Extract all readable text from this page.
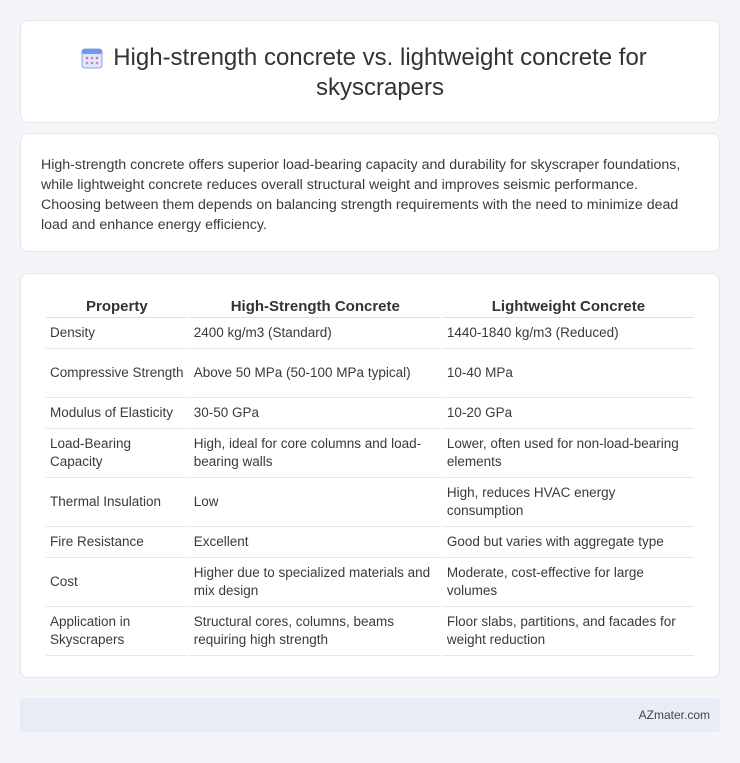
High-strength concrete vs. lightweight concrete for skyscrapers

High-strength concrete offers superior load-bearing capacity and durability for skyscraper foundations, while lightweight concrete reduces overall structural weight and improves seismic performance. Choosing between them depends on balancing strength requirements with the need to minimize dead load and enhance energy efficiency.

Property	High-Strength Concrete	Lightweight Concrete
Density	2400 kg/m3 (Standard)	1440-1840 kg/m3 (Reduced)
Compressive Strength	Above 50 MPa (50-100 MPa typical)	10-40 MPa
Modulus of Elasticity	30-50 GPa	10-20 GPa
Load-Bearing Capacity	High, ideal for core columns and load-bearing walls	Lower, often used for non-load-bearing elements
Thermal Insulation	Low	High, reduces HVAC energy consumption
Fire Resistance	Excellent	Good but varies with aggregate type
Cost	Higher due to specialized materials and mix design	Moderate, cost-effective for large volumes
Application in Skyscrapers	Structural cores, columns, beams requiring high strength	Floor slabs, partitions, and facades for weight reduction
AZmater.com
